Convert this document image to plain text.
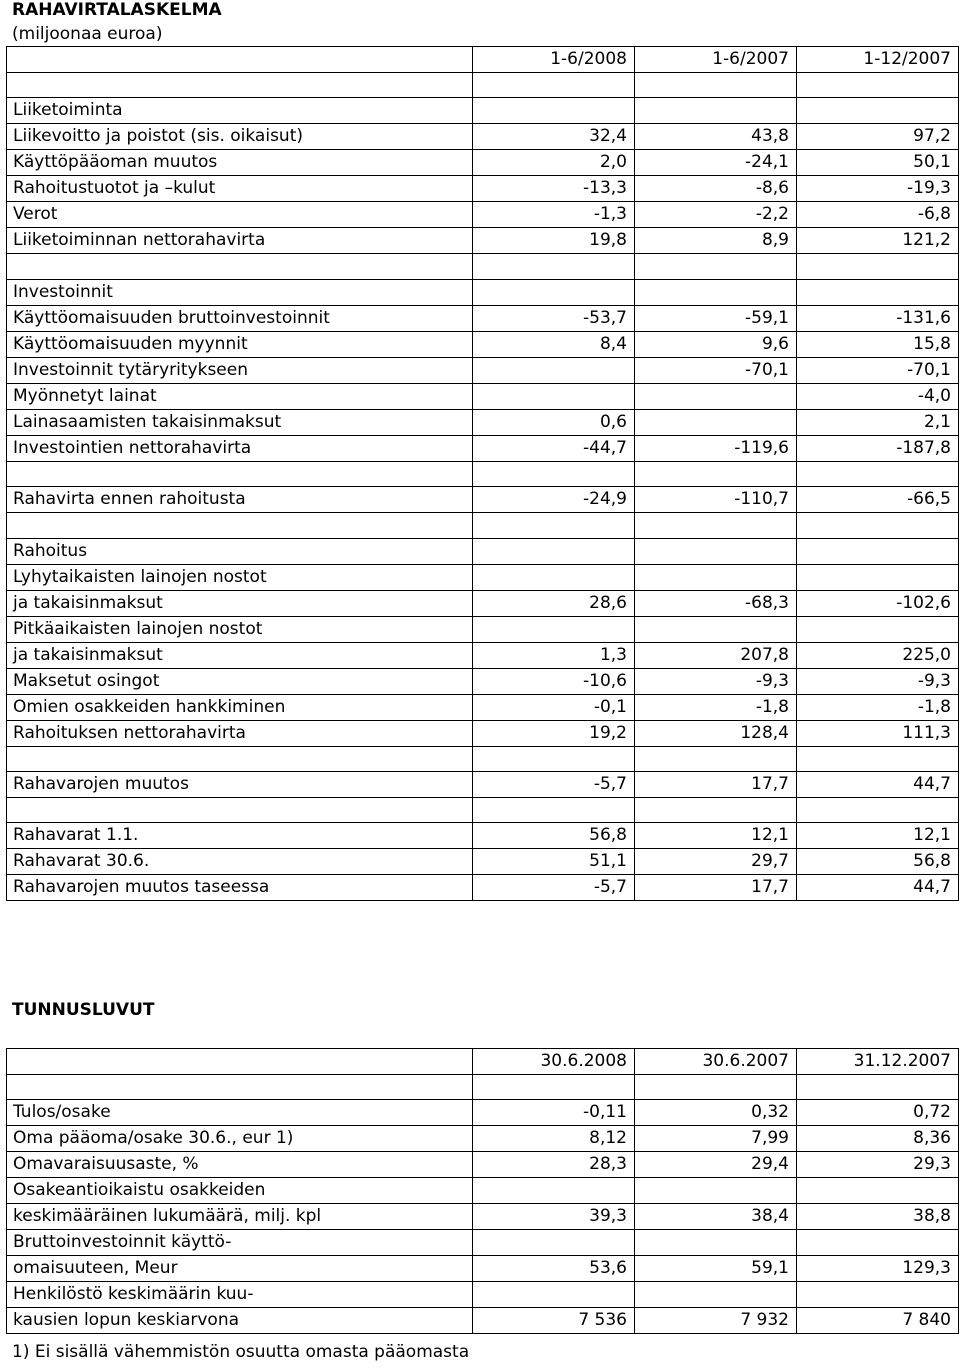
RAHAVIRTALASKELMA
(miljoonaa euroa)
	1-6/2008	1-6/2007	1-12/2007

Liiketoiminta			
Liikevoitto ja poistot (sis. oikaisut)	32,4	43,8	97,2
Käyttöpääoman muutos	2,0	-24,1	50,1
Rahoitustuotot ja –kulut	-13,3	-8,6	-19,3
Verot	-1,3	-2,2	-6,8
Liiketoiminnan nettorahavirta	19,8	8,9	121,2

Investoinnit			
Käyttöomaisuuden bruttoinvestoinnit	-53,7	-59,1	-131,6
Käyttöomaisuuden myynnit	8,4	9,6	15,8
Investoinnit tytäryritykseen		-70,1	-70,1
Myönnetyt lainat			-4,0
Lainasaamisten takaisinmaksut	0,6		2,1
Investointien nettorahavirta	-44,7	-119,6	-187,8

Rahavirta ennen rahoitusta	-24,9	-110,7	-66,5

Rahoitus			
Lyhytaikaisten lainojen nostot			
ja takaisinmaksut	28,6	-68,3	-102,6
Pitkäaikaisten lainojen nostot			
ja takaisinmaksut	1,3	207,8	225,0
Maksetut osingot	-10,6	-9,3	-9,3
Omien osakkeiden hankkiminen	-0,1	-1,8	-1,8
Rahoituksen nettorahavirta	19,2	128,4	111,3

Rahavarojen muutos	-5,7	17,7	44,7

Rahavarat 1.1.	56,8	12,1	12,1
Rahavarat 30.6.	51,1	29,7	56,8
Rahavarojen muutos taseessa	-5,7	17,7	44,7
TUNNUSLUVUT
	30.6.2008	30.6.2007	31.12.2007

Tulos/osake	-0,11	0,32	0,72
Oma pääoma/osake 30.6., eur 1)	8,12	7,99	8,36
Omavaraisuusaste, %	28,3	29,4	29,3
Osakeantioikaistu osakkeiden			
keskimääräinen lukumäärä, milj. kpl	39,3	38,4	38,8
Bruttoinvestoinnit käyttö-			
omaisuuteen, Meur	53,6	59,1	129,3
Henkilöstö keskimäärin kuu-			
kausien lopun keskiarvona	7 536	7 932	7 840
1) Ei sisällä vähemmistön osuutta omasta pääomasta
